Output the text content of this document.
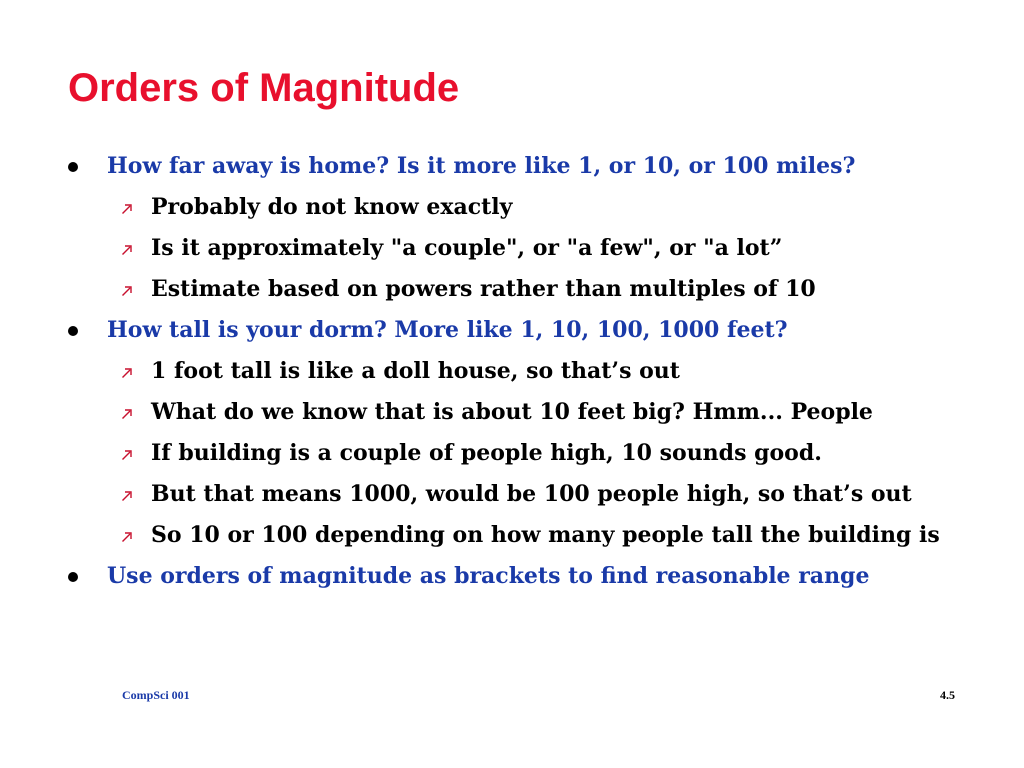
Orders of Magnitude
How far away is home? Is it more like 1, or 10, or 100 miles?
Probably do not know exactly
Is it approximately "a couple", or "a few", or "a lot”
Estimate based on powers rather than multiples of 10
How tall is your dorm? More like 1, 10, 100, 1000 feet?
1 foot tall is like a doll house, so that’s out
What do we know that is about 10 feet big? Hmm... People
If building is a couple of people high, 10 sounds good.
But that means 1000, would be 100 people high, so that’s out
So 10 or 100 depending on how many people tall the building is
Use orders of magnitude as brackets to find reasonable range
CompSci 001	4.5
